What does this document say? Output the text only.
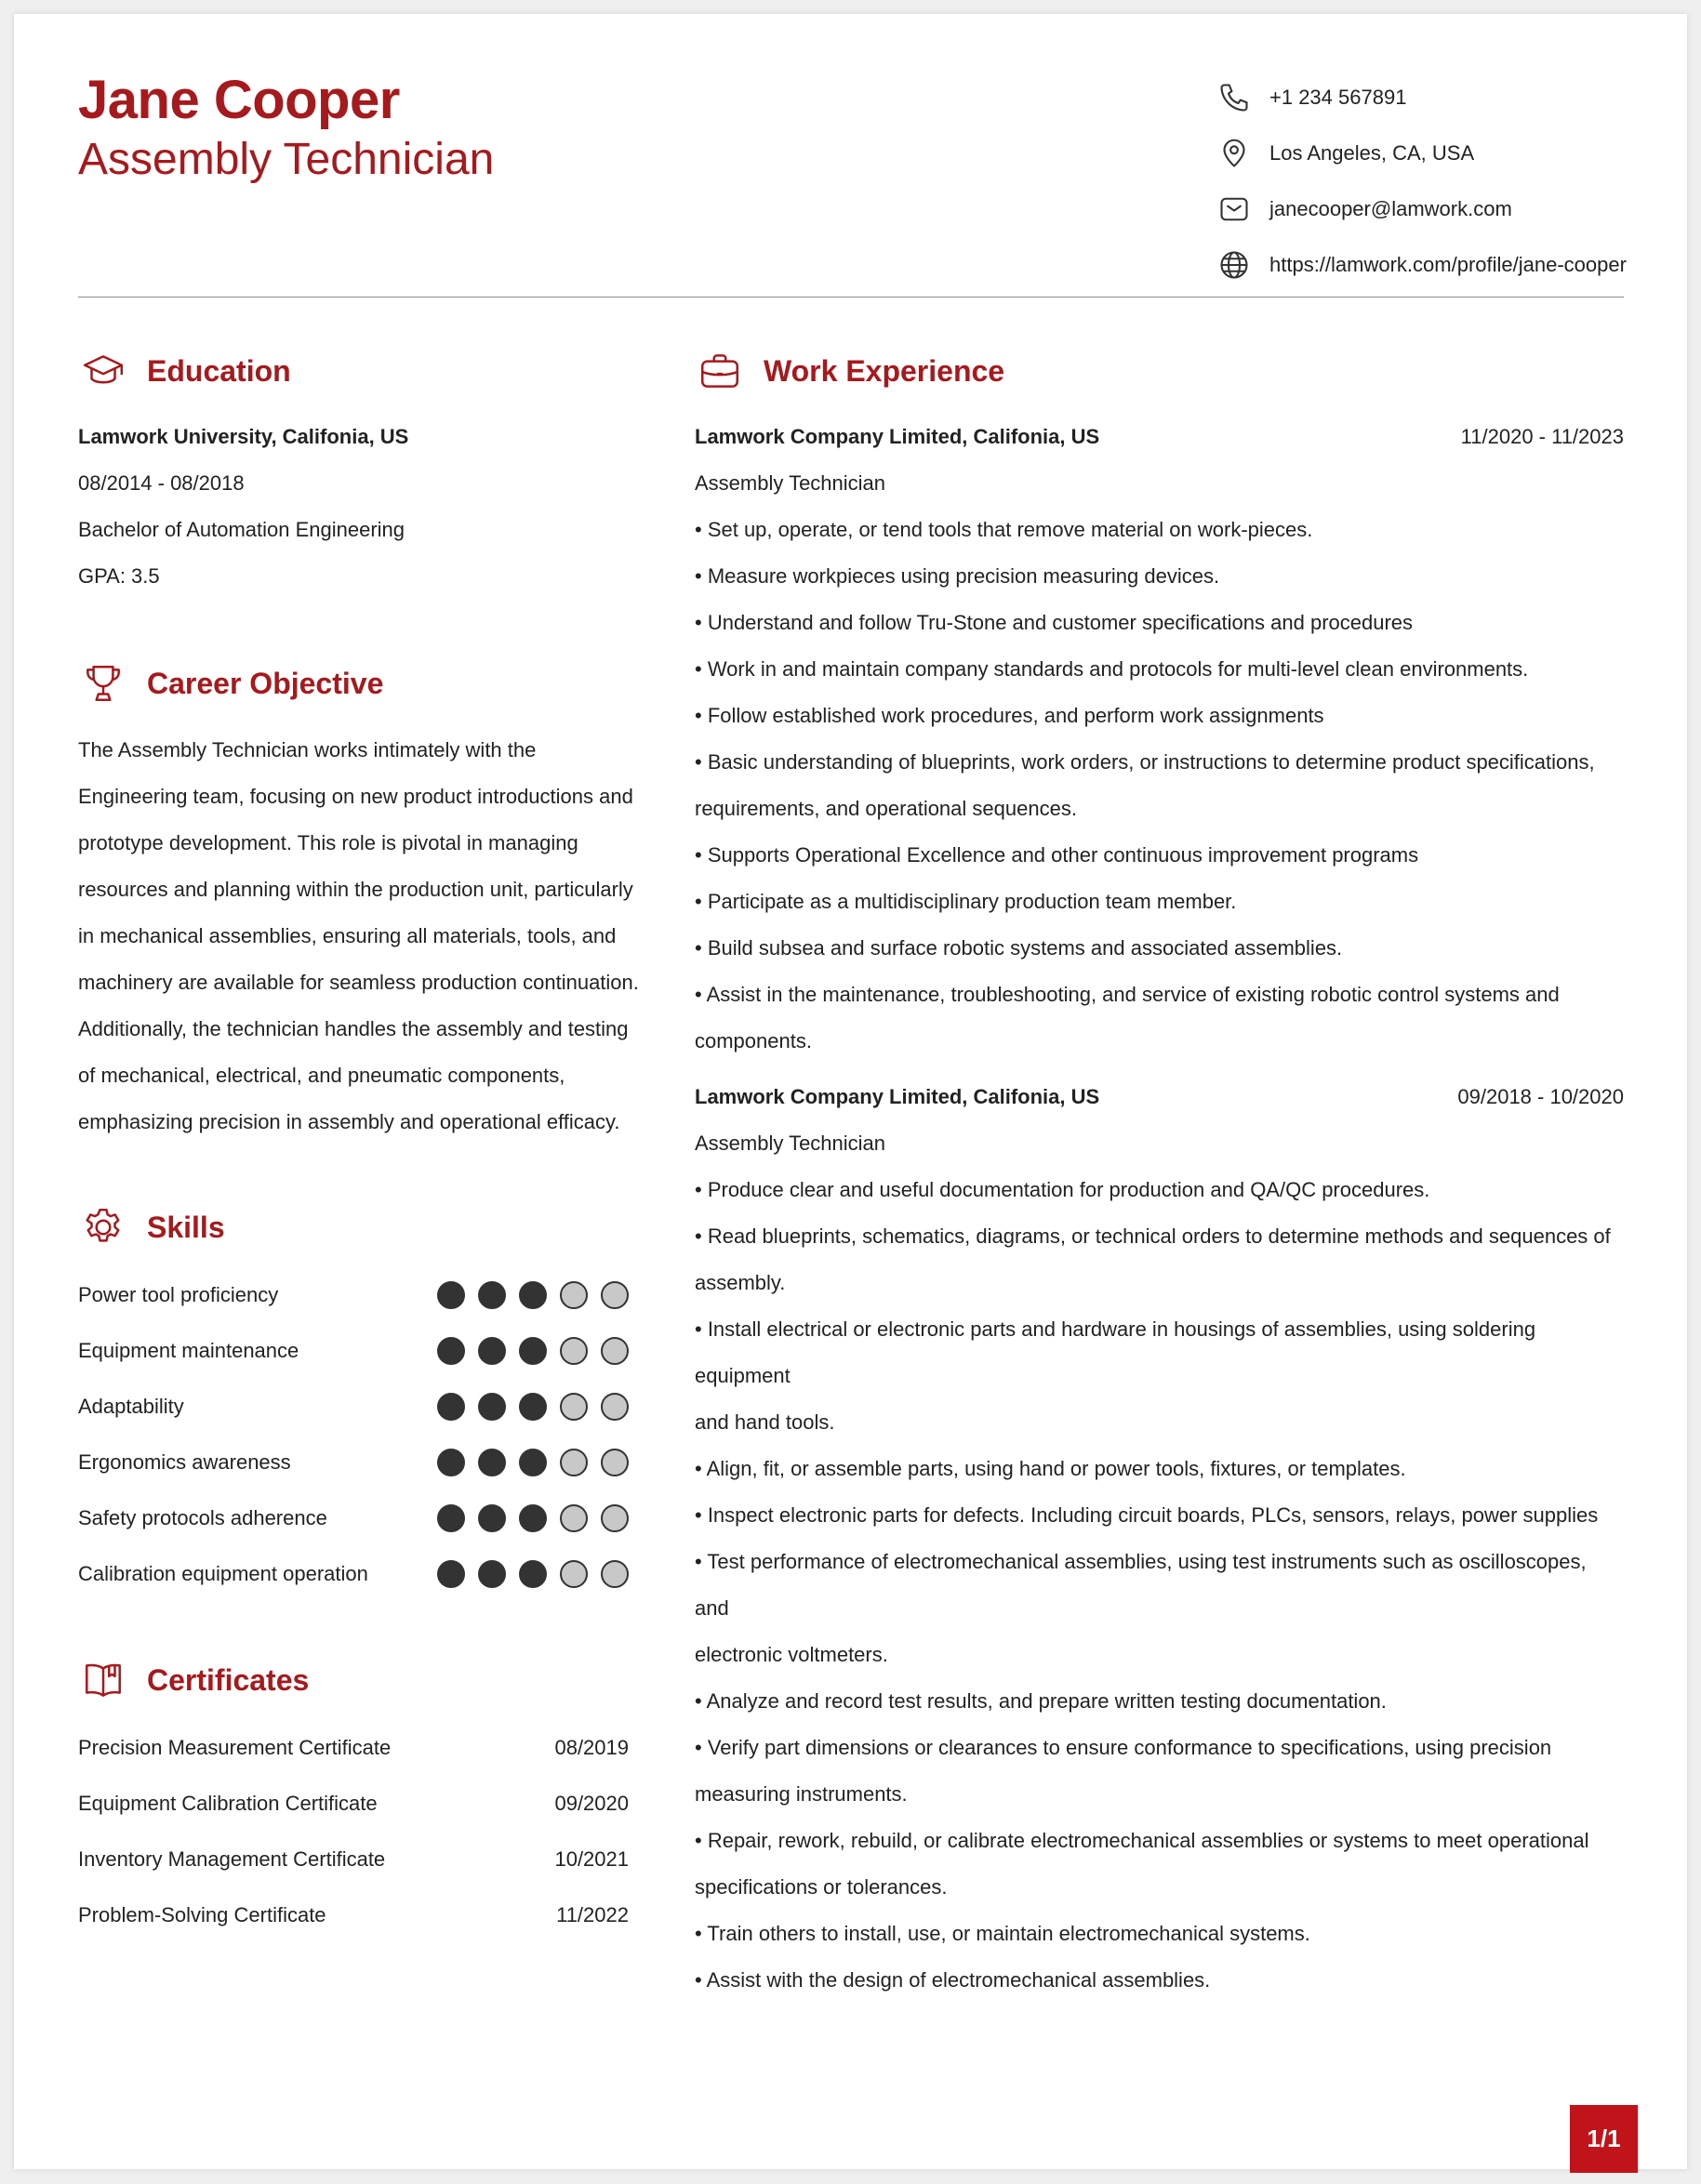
Jane Cooper
Assembly Technician
+1 234 567891
Los Angeles, CA, USA
janecooper@lamwork.com
https://lamwork.com/profile/jane-cooper
Education
Lamwork University, Califonia, US
08/2014 - 08/2018
Bachelor of Automation Engineering
GPA: 3.5
Career Objective
The Assembly Technician works intimately with the
Engineering team, focusing on new product introductions and
prototype development. This role is pivotal in managing
resources and planning within the production unit, particularly
in mechanical assemblies, ensuring all materials, tools, and
machinery are available for seamless production continuation.
Additionally, the technician handles the assembly and testing
of mechanical, electrical, and pneumatic components,
emphasizing precision in assembly and operational efficacy.
Skills
Power tool proficiency
Equipment maintenance
Adaptability
Ergonomics awareness
Safety protocols adherence
Calibration equipment operation
Certificates
Precision Measurement Certificate	08/2019
Equipment Calibration Certificate	09/2020
Inventory Management Certificate	10/2021
Problem-Solving Certificate	11/2022
Work Experience
Lamwork Company Limited, Califonia, US	11/2020 - 11/2023
Assembly Technician
• Set up, operate, or tend tools that remove material on work-pieces.
• Measure workpieces using precision measuring devices.
• Understand and follow Tru-Stone and customer specifications and procedures
• Work in and maintain company standards and protocols for multi-level clean environments.
• Follow established work procedures, and perform work assignments
• Basic understanding of blueprints, work orders, or instructions to determine product specifications,
requirements, and operational sequences.
• Supports Operational Excellence and other continuous improvement programs
• Participate as a multidisciplinary production team member.
• Build subsea and surface robotic systems and associated assemblies.
• Assist in the maintenance, troubleshooting, and service of existing robotic control systems and
components.
Lamwork Company Limited, Califonia, US	09/2018 - 10/2020
Assembly Technician
• Produce clear and useful documentation for production and QA/QC procedures.
• Read blueprints, schematics, diagrams, or technical orders to determine methods and sequences of
assembly.
• Install electrical or electronic parts and hardware in housings of assemblies, using soldering equipment
and hand tools.
• Align, fit, or assemble parts, using hand or power tools, fixtures, or templates.
• Inspect electronic parts for defects. Including circuit boards, PLCs, sensors, relays, power supplies
• Test performance of electromechanical assemblies, using test instruments such as oscilloscopes, and
electronic voltmeters.
• Analyze and record test results, and prepare written testing documentation.
• Verify part dimensions or clearances to ensure conformance to specifications, using precision
measuring instruments.
• Repair, rework, rebuild, or calibrate electromechanical assemblies or systems to meet operational
specifications or tolerances.
• Train others to install, use, or maintain electromechanical systems.
• Assist with the design of electromechanical assemblies.
1/1
